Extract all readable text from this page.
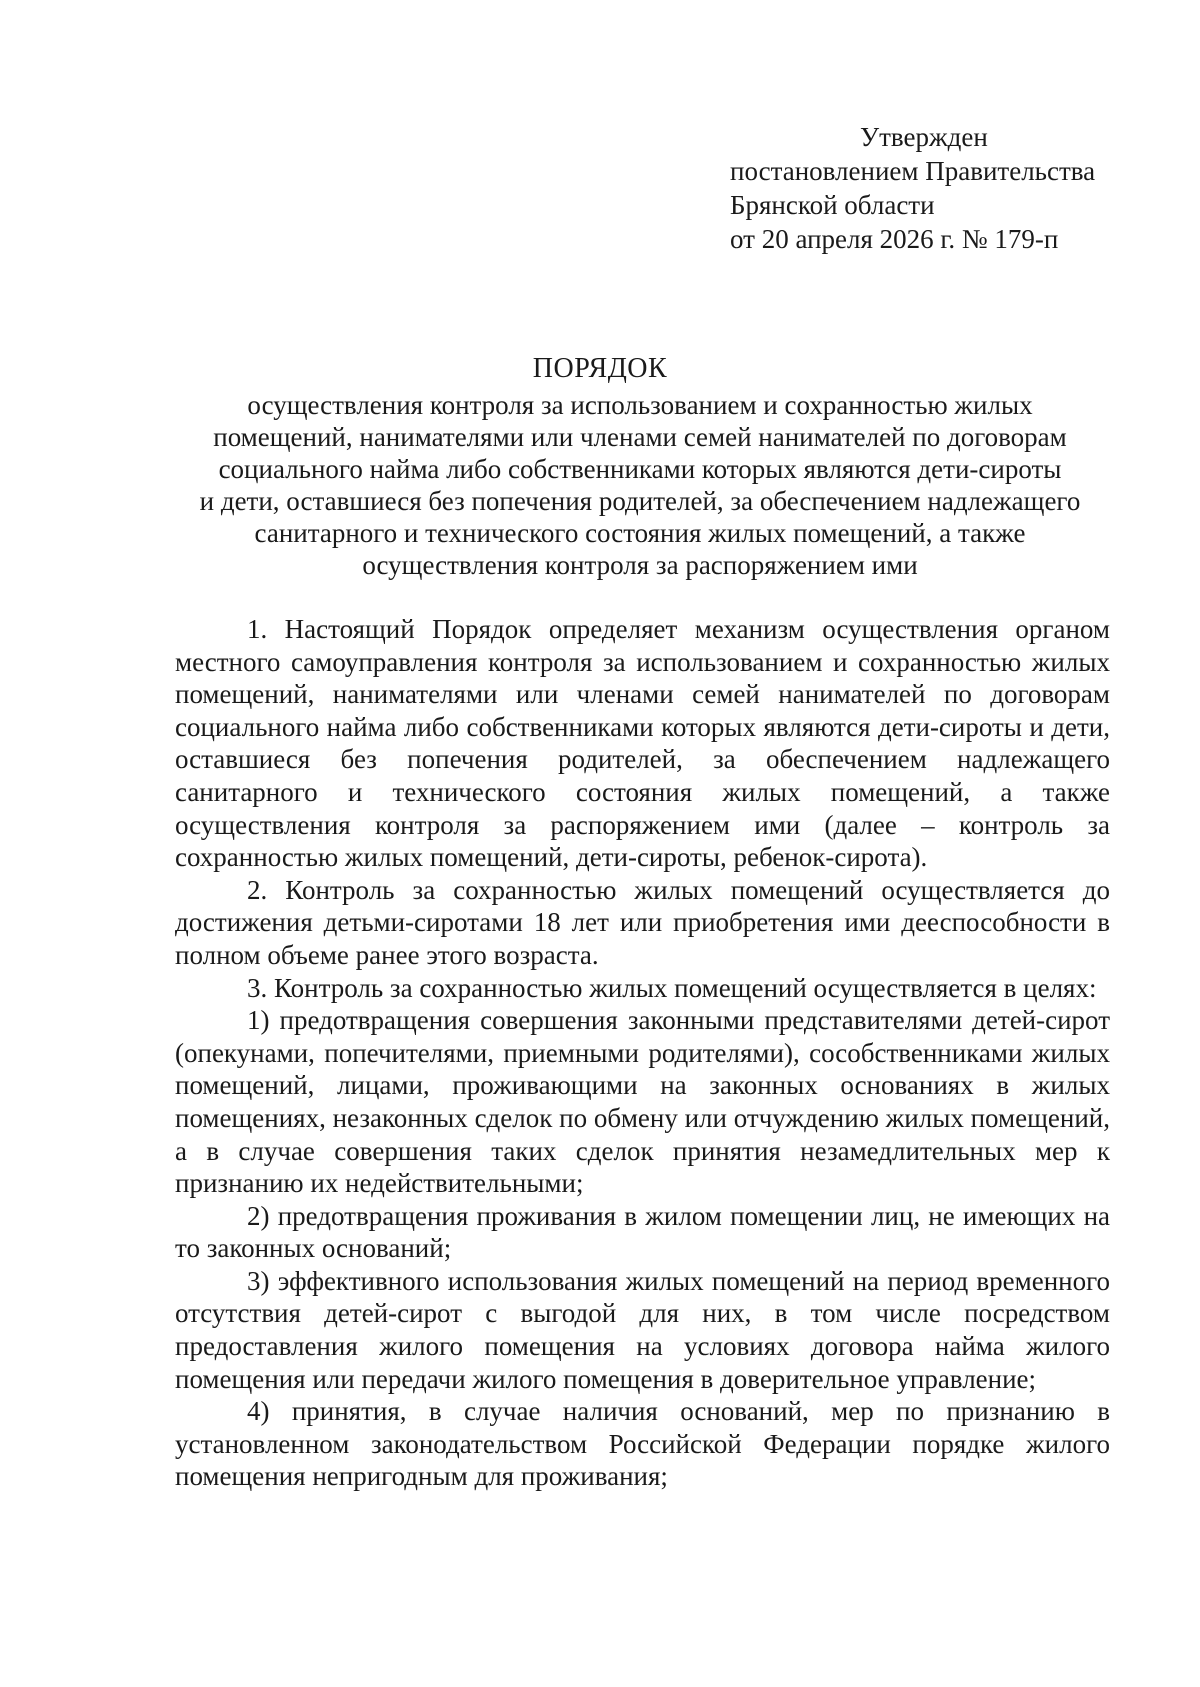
Утвержден
постановлением Правительства
Брянской области
от 20 апреля 2026 г. № 179-п
ПОРЯДОК
осуществления контроля за использованием и сохранностью жилых
помещений, нанимателями или членами семей нанимателей по договорам
социального найма либо собственниками которых являются дети-сироты
и дети, оставшиеся без попечения родителей, за обеспечением надлежащего
санитарного и технического состояния жилых помещений, а также
осуществления контроля за распоряжением ими

1. Настоящий Порядок определяет механизм осуществления органом местного самоуправления контроля за использованием и сохранностью жилых помещений, нанимателями или членами семей нанимателей по договорам социального найма либо собственниками которых являются дети-сироты и дети, оставшиеся без попечения родителей, за обеспечением надлежащего санитарного и технического состояния жилых помещений, а также осуществления контроля за распоряжением ими (далее – контроль за сохранностью жилых помещений, дети-сироты, ребенок-сирота).

2. Контроль за сохранностью жилых помещений осуществляется до достижения детьми-сиротами 18 лет или приобретения ими дееспособности в полном объеме ранее этого возраста.

3. Контроль за сохранностью жилых помещений осуществляется в целях:

1) предотвращения совершения законными представителями детей-сирот (опекунами, попечителями, приемными родителями), сособственниками жилых помещений, лицами, проживающими на законных основаниях в жилых помещениях, незаконных сделок по обмену или отчуждению жилых помещений, а в случае совершения таких сделок принятия незамедлительных мер к признанию их недействительными;

2) предотвращения проживания в жилом помещении лиц, не имеющих на то законных оснований;

3) эффективного использования жилых помещений на период временного отсутствия детей-сирот с выгодой для них, в том числе посредством предоставления жилого помещения на условиях договора найма жилого помещения или передачи жилого помещения в доверительное управление;

4) принятия, в случае наличия оснований, мер по признанию в установленном законодательством Российской Федерации порядке жилого помещения непригодным для проживания;
